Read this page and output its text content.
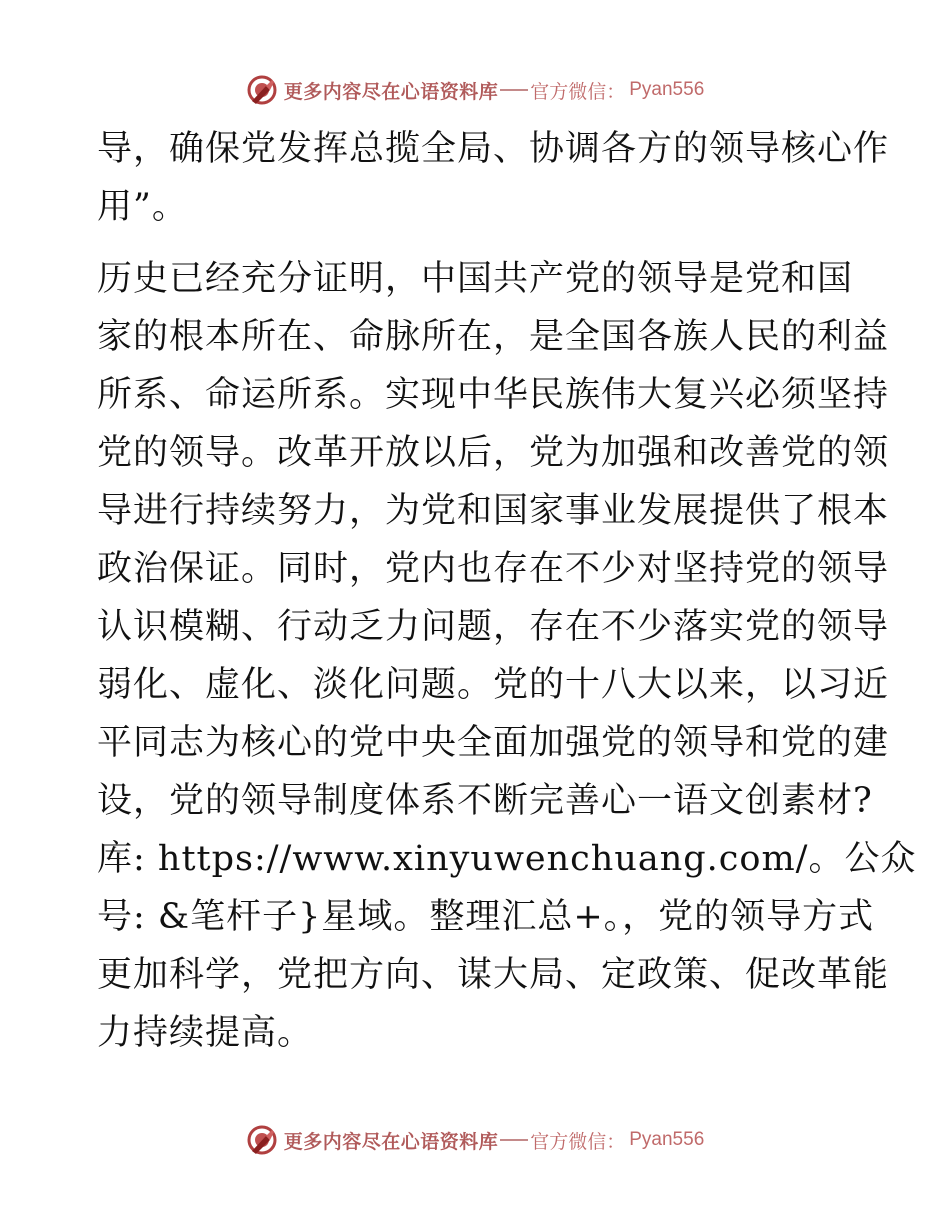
更多内容尽在心语资料库 官方微信： Pyan556
导，确保党发挥总揽全局、协调各方的领导核心作
用”。
历史已经充分证明，中国共产党的领导是党和国
家的根本所在、命脉所在，是全国各族人民的利益
所系、命运所系。实现中华民族伟大复兴必须坚持
党的领导。改革开放以后，党为加强和改善党的领
导进行持续努力，为党和国家事业发展提供了根本
政治保证。同时，党内也存在不少对坚持党的领导
认识模糊、行动乏力问题，存在不少落实党的领导
弱化、虚化、淡化问题。党的十八大以来，以习近
平同志为核心的党中央全面加强党的领导和党的建
设，党的领导制度体系不断完善心一语文创素材?
库: https://www.xinyuwenchuang.com/。公众
号: &笔杆子}星域。整理汇总+。，党的领导方式
更加科学，党把方向、谋大局、定政策、促改革能
力持续提高。
更多内容尽在心语资料库 官方微信： Pyan556
